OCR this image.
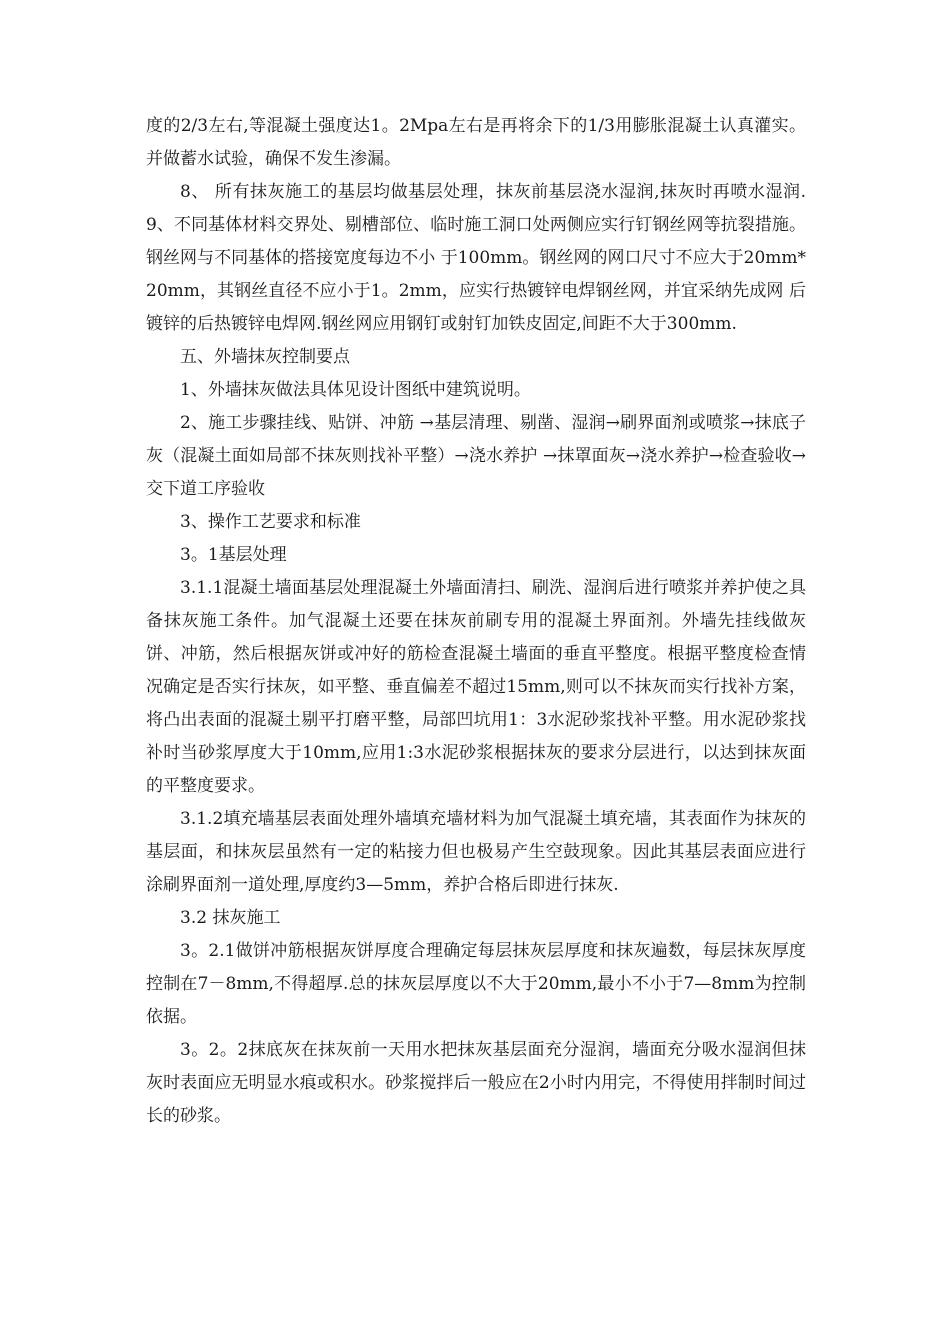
度的2/3左右,等混凝土强度达1。2Mpa左右是再将余下的1/3用膨胀混凝土认真灌实。并做蓄水试验，确保不发生渗漏。

8、 所有抹灰施工的基层均做基层处理，抹灰前基层浇水湿润,抹灰时再喷水湿润.9、不同基体材料交界处、剔槽部位、临时施工洞口处两侧应实行钉钢丝网等抗裂措施。钢丝网与不同基体的搭接宽度每边不小 于100mm。钢丝网的网口尺寸不应大于20mm*20mm，其钢丝直径不应小于1。2mm，应实行热镀锌电焊钢丝网，并宜采纳先成网 后镀锌的后热镀锌电焊网.钢丝网应用钢钉或射钉加铁皮固定,间距不大于300mm.

五、外墙抹灰控制要点

1、外墙抹灰做法具体见设计图纸中建筑说明。

2、施工步骤挂线、贴饼、冲筋 →基层清理、剔凿、湿润→刷界面剂或喷浆→抹底子灰（混凝土面如局部不抹灰则找补平整）→浇水养护 →抹罩面灰→浇水养护→检查验收→交下道工序验收

3、操作工艺要求和标准

3。1基层处理

3.1.1混凝土墙面基层处理混凝土外墙面清扫、刷洗、湿润后进行喷浆并养护使之具备抹灰施工条件。加气混凝土还要在抹灰前刷专用的混凝土界面剂。外墙先挂线做灰饼、冲筋，然后根据灰饼或冲好的筋检查混凝土墙面的垂直平整度。根据平整度检查情况确定是否实行抹灰，如平整、垂直偏差不超过15mm,则可以不抹灰而实行找补方案，将凸出表面的混凝土剔平打磨平整，局部凹坑用1：3水泥砂浆找补平整。用水泥砂浆找补时当砂浆厚度大于10mm,应用1:3水泥砂浆根据抹灰的要求分层进行，以达到抹灰面的平整度要求。

3.1.2填充墙基层表面处理外墙填充墙材料为加气混凝土填充墙，其表面作为抹灰的基层面，和抹灰层虽然有一定的粘接力但也极易产生空鼓现象。因此其基层表面应进行涂刷界面剂一道处理,厚度约3—5mm，养护合格后即进行抹灰.

3.2 抹灰施工

3。2.1做饼冲筋根据灰饼厚度合理确定每层抹灰层厚度和抹灰遍数，每层抹灰厚度控制在7－8mm,不得超厚.总的抹灰层厚度以不大于20mm,最小不小于7—8mm为控制依据。

3。2。2抹底灰在抹灰前一天用水把抹灰基层面充分湿润，墙面充分吸水湿润但抹灰时表面应无明显水痕或积水。砂浆搅拌后一般应在2小时内用完，不得使用拌制时间过长的砂浆。
